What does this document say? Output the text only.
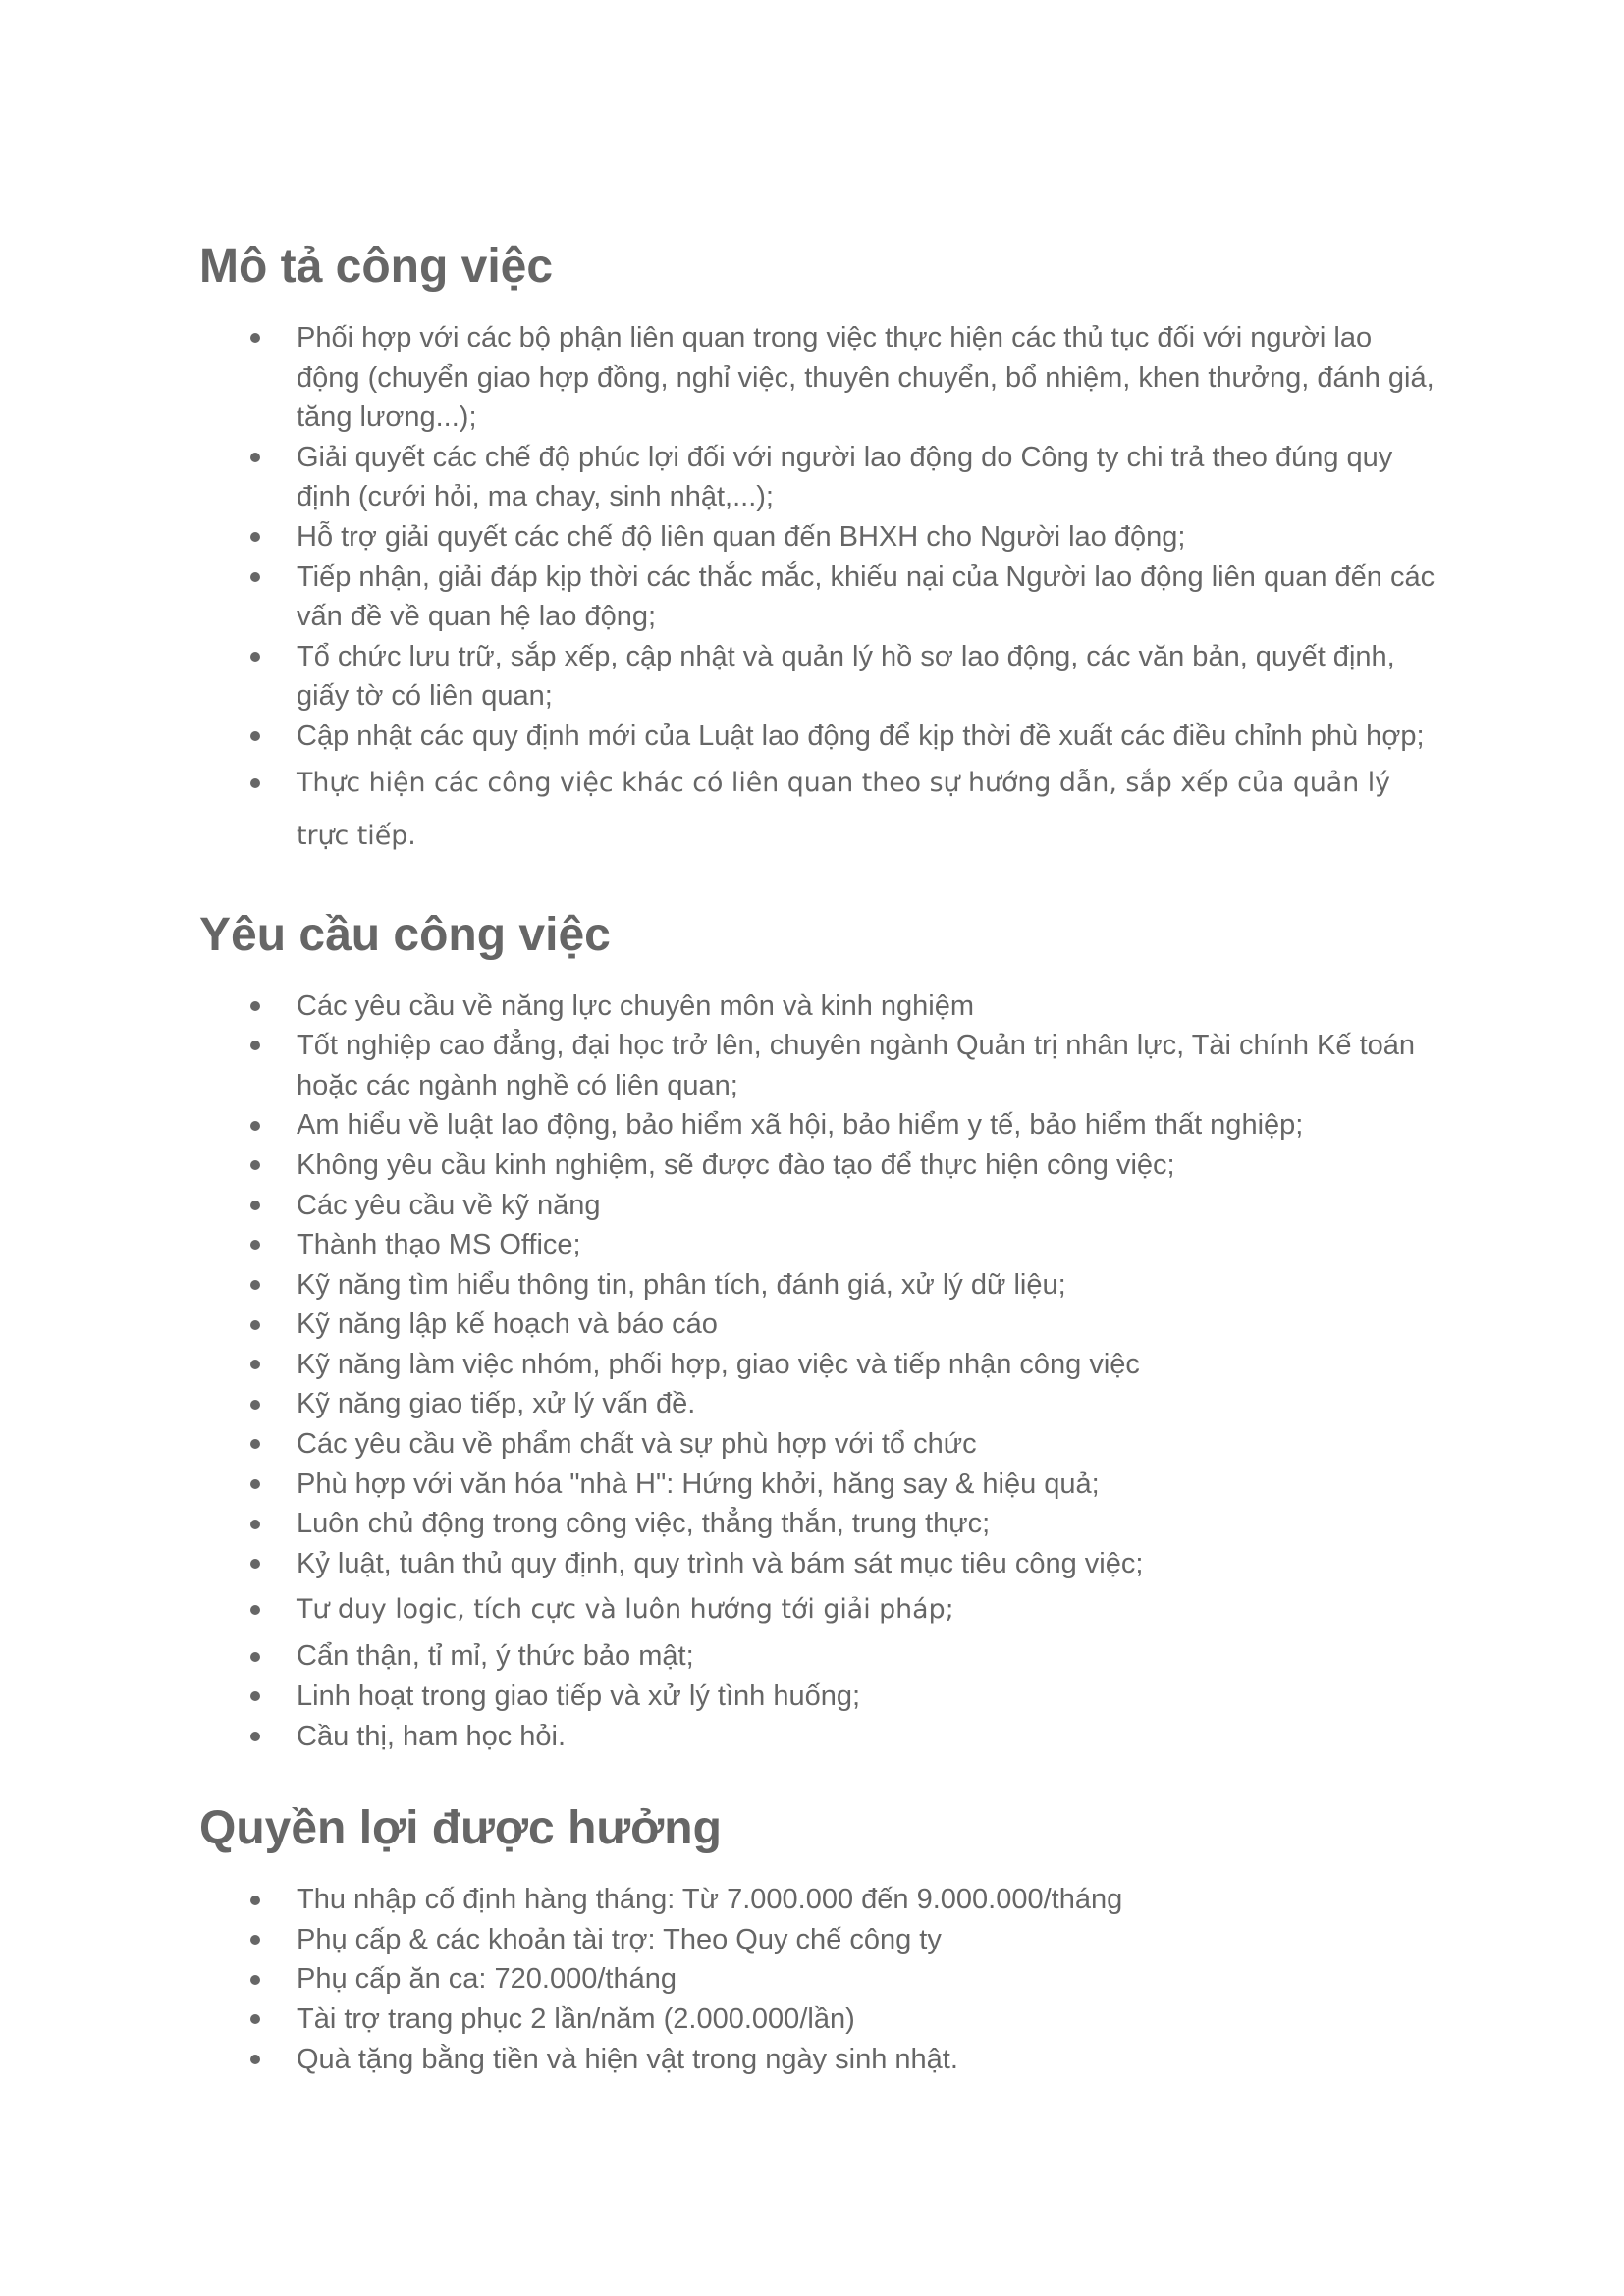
Mô tả công việc
Phối hợp với các bộ phận liên quan trong việc thực hiện các thủ tục đối với người lao
động (chuyển giao hợp đồng, nghỉ việc, thuyên chuyển, bổ nhiệm, khen thưởng, đánh giá,
tăng lương...);
Giải quyết các chế độ phúc lợi đối với người lao động do Công ty chi trả theo đúng quy
định (cưới hỏi, ma chay, sinh nhật,...);
Hỗ trợ giải quyết các chế độ liên quan đến BHXH cho Người lao động;
Tiếp nhận, giải đáp kịp thời các thắc mắc, khiếu nại của Người lao động liên quan đến các
vấn đề về quan hệ lao động;
Tổ chức lưu trữ, sắp xếp, cập nhật và quản lý hồ sơ lao động, các văn bản, quyết định,
giấy tờ có liên quan;
Cập nhật các quy định mới của Luật lao động để kịp thời đề xuất các điều chỉnh phù hợp;
Thực hiện các công việc khác có liên quan theo sự hướng dẫn, sắp xếp của quản lý
trực tiếp.
Yêu cầu công việc
Các yêu cầu về năng lực chuyên môn và kinh nghiệm
Tốt nghiệp cao đẳng, đại học trở lên, chuyên ngành Quản trị nhân lực, Tài chính Kế toán
hoặc các ngành nghề có liên quan;
Am hiểu về luật lao động, bảo hiểm xã hội, bảo hiểm y tế, bảo hiểm thất nghiệp;
Không yêu cầu kinh nghiệm, sẽ được đào tạo để thực hiện công việc;
Các yêu cầu về kỹ năng
Thành thạo MS Office;
Kỹ năng tìm hiểu thông tin, phân tích, đánh giá, xử lý dữ liệu;
Kỹ năng lập kế hoạch và báo cáo
Kỹ năng làm việc nhóm, phối hợp, giao việc và tiếp nhận công việc
Kỹ năng giao tiếp, xử lý vấn đề.
Các yêu cầu về phẩm chất và sự phù hợp với tổ chức
Phù hợp với văn hóa "nhà H": Hứng khởi, hăng say & hiệu quả;
Luôn chủ động trong công việc, thẳng thắn, trung thực;
Kỷ luật, tuân thủ quy định, quy trình và bám sát mục tiêu công việc;
Tư duy logic, tích cực và luôn hướng tới giải pháp;
Cẩn thận, tỉ mỉ, ý thức bảo mật;
Linh hoạt trong giao tiếp và xử lý tình huống;
Cầu thị, ham học hỏi.
Quyền lợi được hưởng
Thu nhập cố định hàng tháng: Từ 7.000.000 đến 9.000.000/tháng
Phụ cấp & các khoản tài trợ: Theo Quy chế công ty
Phụ cấp ăn ca: 720.000/tháng
Tài trợ trang phục 2 lần/năm (2.000.000/lần)
Quà tặng bằng tiền và hiện vật trong ngày sinh nhật.
